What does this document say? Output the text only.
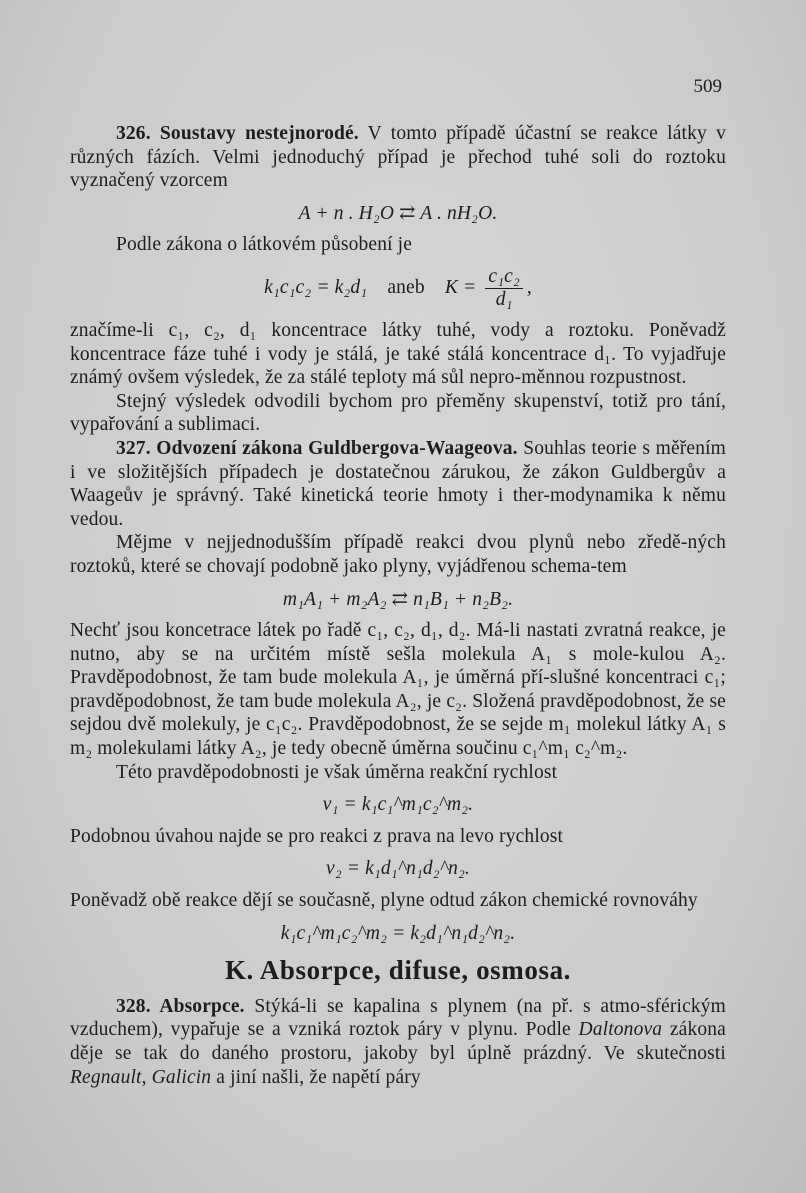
509

326. Soustavy nestejnorodé. V tomto případě účastní se reakce látky v různých fázích. Velmi jednoduchý případ je přechod tuhé soli do roztoku vyznačený vzorcem

A + n . H₂O ⇄ A . nH₂O.

Podle zákona o látkovém působení je

k₁c₁c₂ = k₂d₁ aneb $K = \frac{\text{c₁c₂}}{\text{d₁}}$ ,

značíme-li c₁, c₂, d₁ koncentrace látky tuhé, vody a roztoku. Poněvadž koncentrace fáze tuhé i vody je stálá, je také stálá koncentrace d₁. To vyjadřuje známý ovšem výsledek, že za stálé teploty má sůl nepro-měnnou rozpustnost.

Stejný výsledek odvodili bychom pro přeměny skupenství, totiž pro tání, vypařování a sublimaci.

327. Odvození zákona Guldbergova-Waageova. Souhlas teorie s měřením i ve složitějších případech je dostatečnou zárukou, že zákon Guldbergův a Waageův je správný. Také kinetická teorie hmoty i ther-modynamika k němu vedou.

Mějme v nejjednodušším případě reakci dvou plynů nebo zředě-ných roztoků, které se chovají podobně jako plyny, vyjádřenou schema-tem

m₁A₁ + m₂A₂ ⇄ n₁B₁ + n₂B₂.

Nechť jsou koncetrace látek po řadě c₁, c₂, d₁, d₂. Má-li nastati zvratná reakce, je nutno, aby se na určitém místě sešla molekula A₁ s mole-kulou A₂. Pravděpodobnost, že tam bude molekula A₁, je úměrná pří-slušné koncentraci c₁; pravděpodobnost, že tam bude molekula A₂, je c₂. Složená pravděpodobnost, že se sejdou dvě molekuly, je c₁c₂. Pravděpodobnost, že se sejde m₁ molekul látky A₁ s m₂ molekulami látky A₂, je tedy obecně úměrna součinu c₁^m₁ c₂^m₂.

Této pravděpodobnosti je však úměrna reakční rychlost

v₁ = k₁c₁^m₁c₂^m₂.

Podobnou úvahou najde se pro reakci z prava na levo rychlost

v₂ = k₁d₁^n₁d₂^n₂.

Poněvadž obě reakce dějí se současně, plyne odtud zákon chemické rovnováhy

k₁c₁^m₁c₂^m₂ = k₂d₁^n₁d₂^n₂.

K. Absorpce, difuse, osmosa.

328. Absorpce. Stýká-li se kapalina s plynem (na př. s atmo-sférickým vzduchem), vypařuje se a vzniká roztok páry v plynu. Podle Daltonova zákona děje se tak do daného prostoru, jakoby byl úplně prázdný. Ve skutečnosti Regnault, Galicin a jiní našli, že napětí páry
